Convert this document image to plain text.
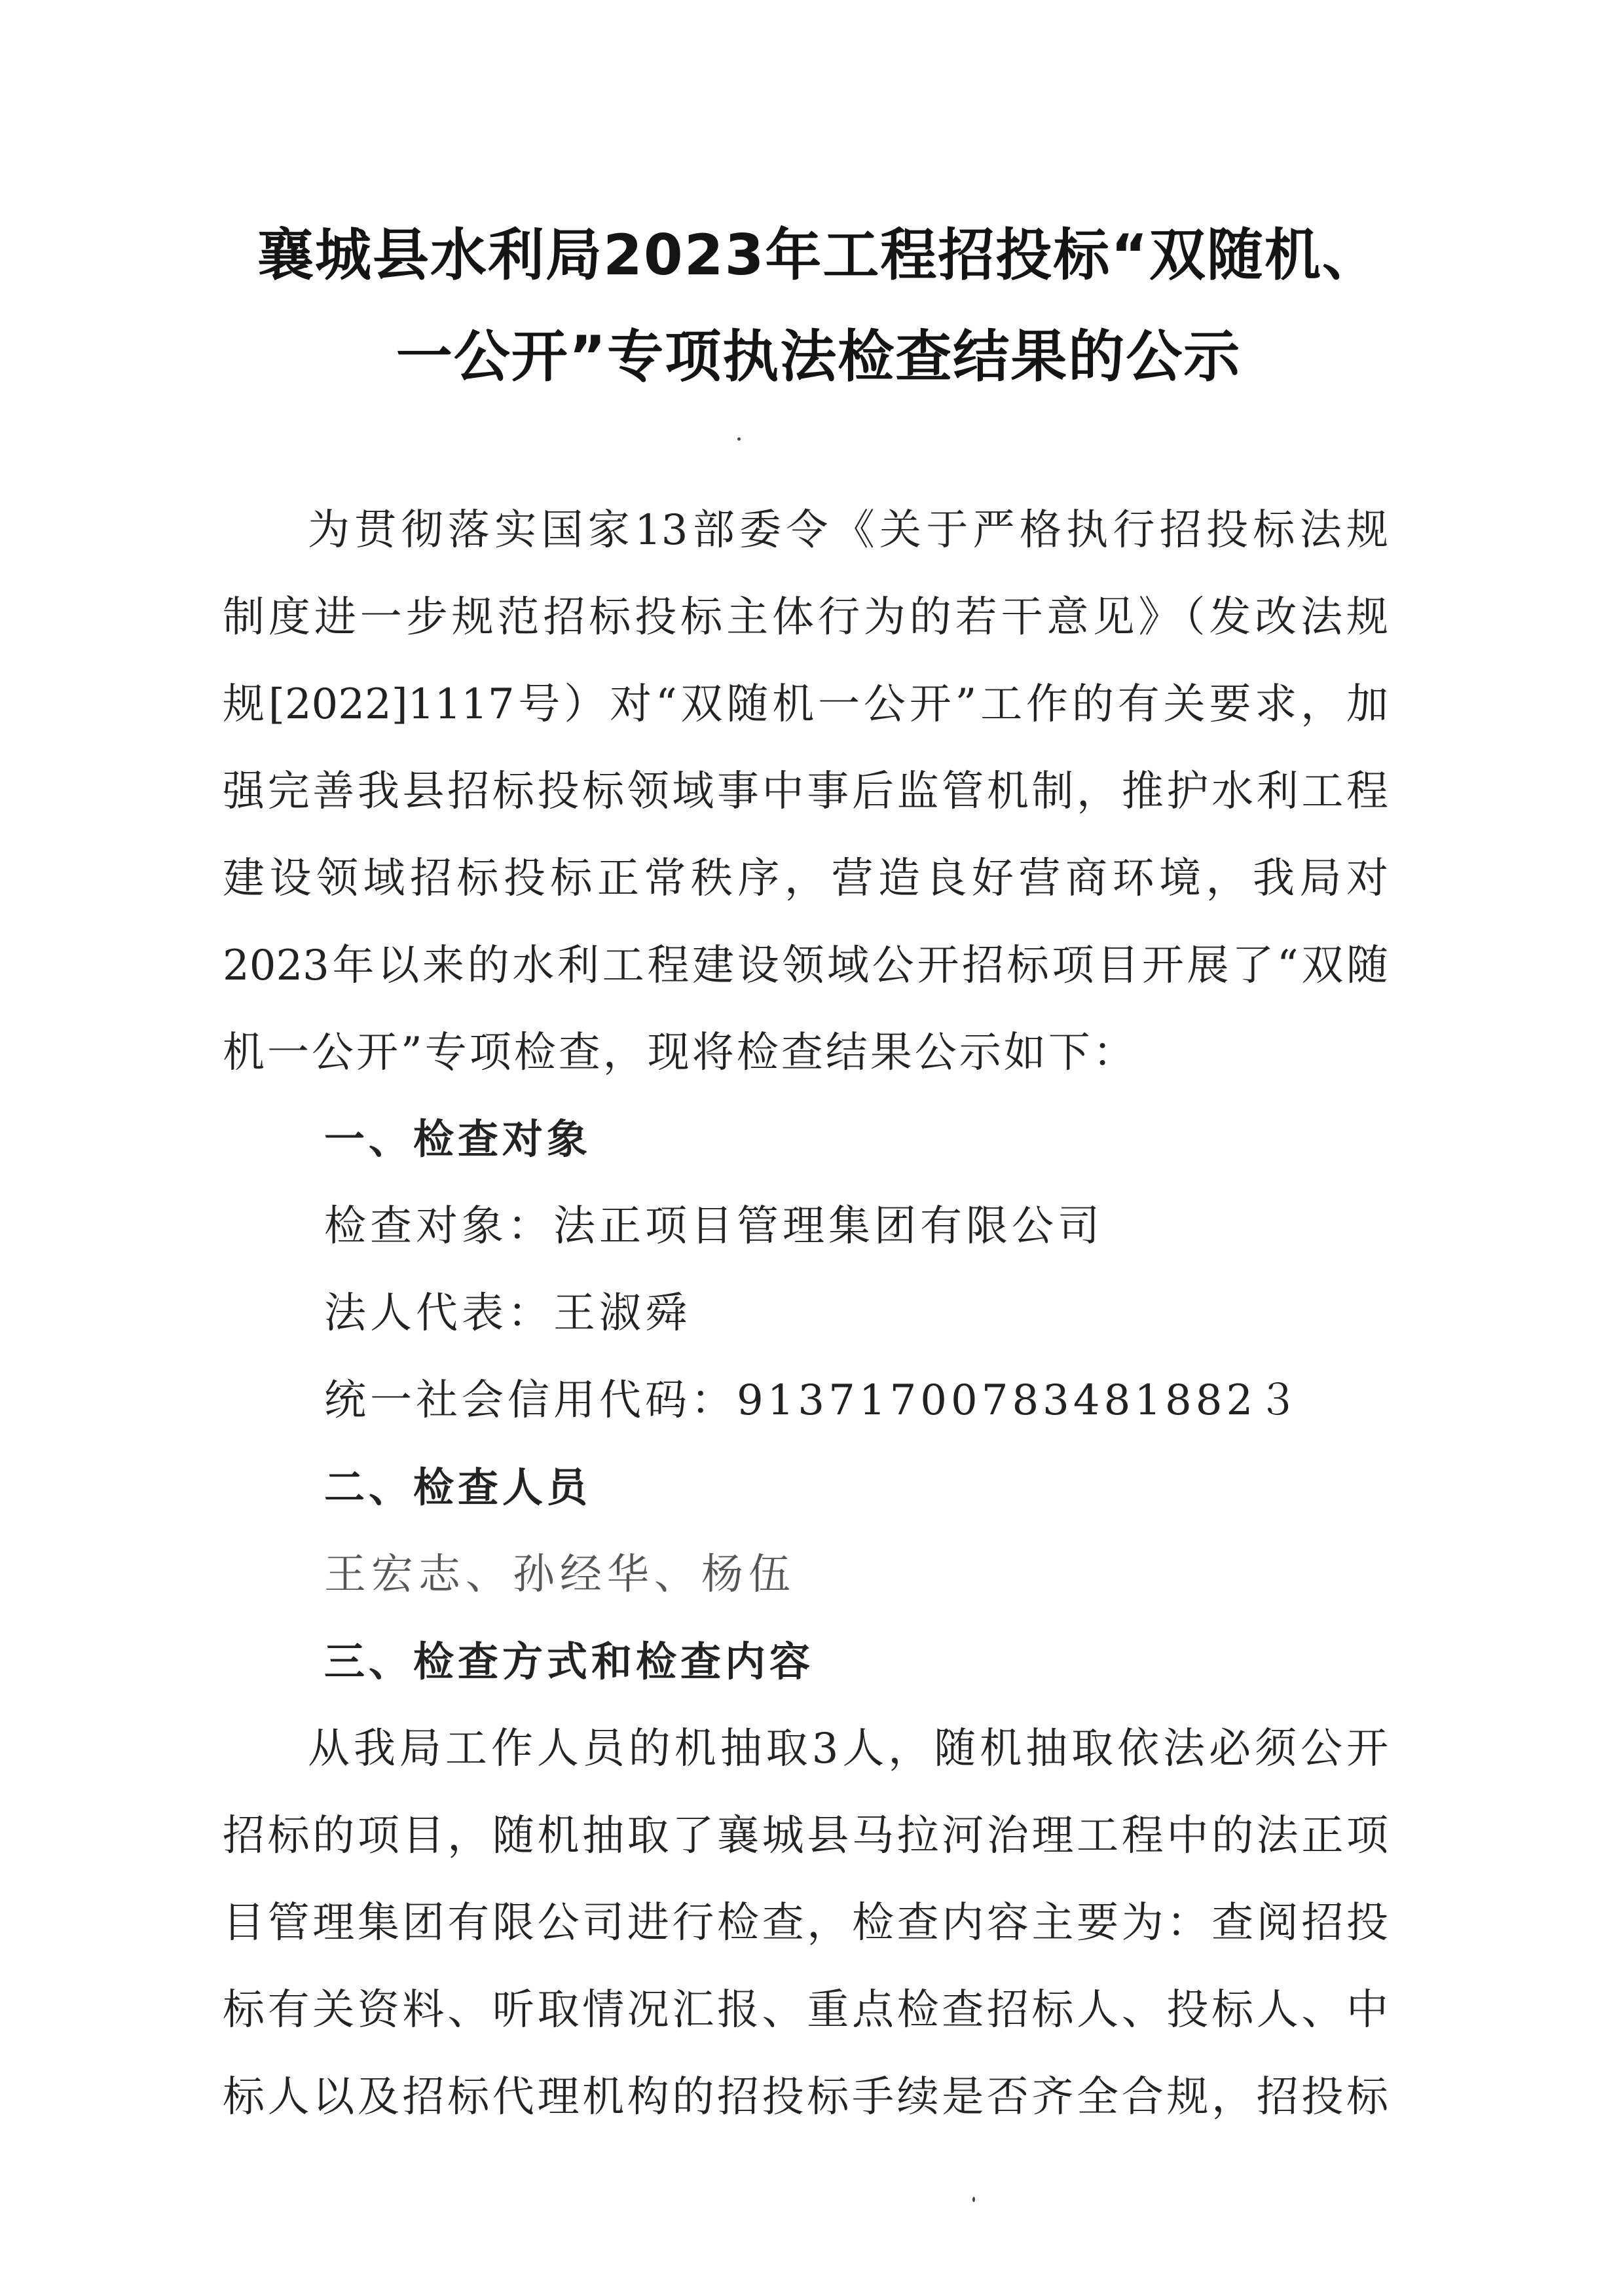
襄城县水利局2023年工程招投标“双随机、
一公开”专项执法检查结果的公示
为贯彻落实国家13部委令《关于严格执行招投标法规
制度进一步规范招标投标主体行为的若干意见》（发改法规
规[2022]1117号）对“双随机一公开”工作的有关要求，加
强完善我县招标投标领域事中事后监管机制，推护水利工程
建设领域招标投标正常秩序，营造良好营商环境，我局对
2023年以来的水利工程建设领域公开招标项目开展了“双随
机一公开”专项检查，现将检查结果公示如下：
一、检查对象
检查对象：法正项目管理集团有限公司
法人代表：王淑舜
统一社会信用代码：91371700783481882３
二、检查人员
王宏志、孙经华、杨伍
三、检查方式和检查内容
从我局工作人员的机抽取3人，随机抽取依法必须公开
招标的项目，随机抽取了襄城县马拉河治理工程中的法正项
目管理集团有限公司进行检查，检查内容主要为：查阅招投
标有关资料、听取情况汇报、重点检查招标人、投标人、中
标人以及招标代理机构的招投标手续是否齐全合规，招投标
